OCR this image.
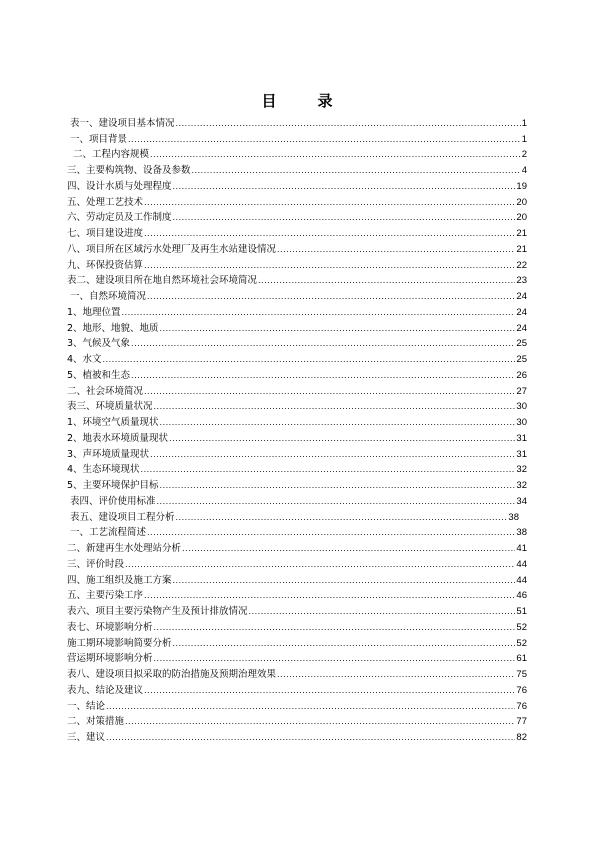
目	录
表一、建设项目基本情况 .....	1
一、项目背景 .....	1
二、工程内容规模 .....	2
三、主要构筑物、设备及参数 .....	4
四、设计水质与处理程度 .....	19
五、处理工艺技术 .....	20
六、劳动定员及工作制度 .....	20
七、项目建设进度 .....	21
八、项目所在区域污水处理厂及再生水站建设情况 .....	21
九、环保投资估算 .....	22
表二、建设项目所在地自然环境社会环境简况 .....	23
一、自然环境简况 .....	24
1、地理位置 .....	24
2、地形、地貌、地质 .....	24
3、气候及气象 .....	25
4、水文 .....	25
5、植被和生态 .....	26
二、社会环境简况 .....	27
表三、环境质量状况 .....	30
1、环境空气质量现状 .....	30
2、地表水环境质量现状 .....	31
3、声环境质量现状 .....	31
4、生态环境现状 .....	32
5、主要环境保护目标 .....	32
表四、评价使用标准 .....	34
表五、建设项目工程分析 .....	38
一、工艺流程简述 .....	38
二、新建再生水处理站分析 .....	41
三、评价时段 .....	44
四、施工组织及施工方案 .....	44
五、主要污染工序 .....	46
表六、项目主要污染物产生及预计排放情况 .....	51
表七、环境影响分析 .....	52
施工期环境影响简要分析 .....	52
营运期环境影响分析 .....	61
表八、建设项目拟采取的防治措施及预期治理效果 .....	75
表九、结论及建议 .....	76
一、结论 .....	76
二、对策措施 .....	77
三、建议 .....	82
